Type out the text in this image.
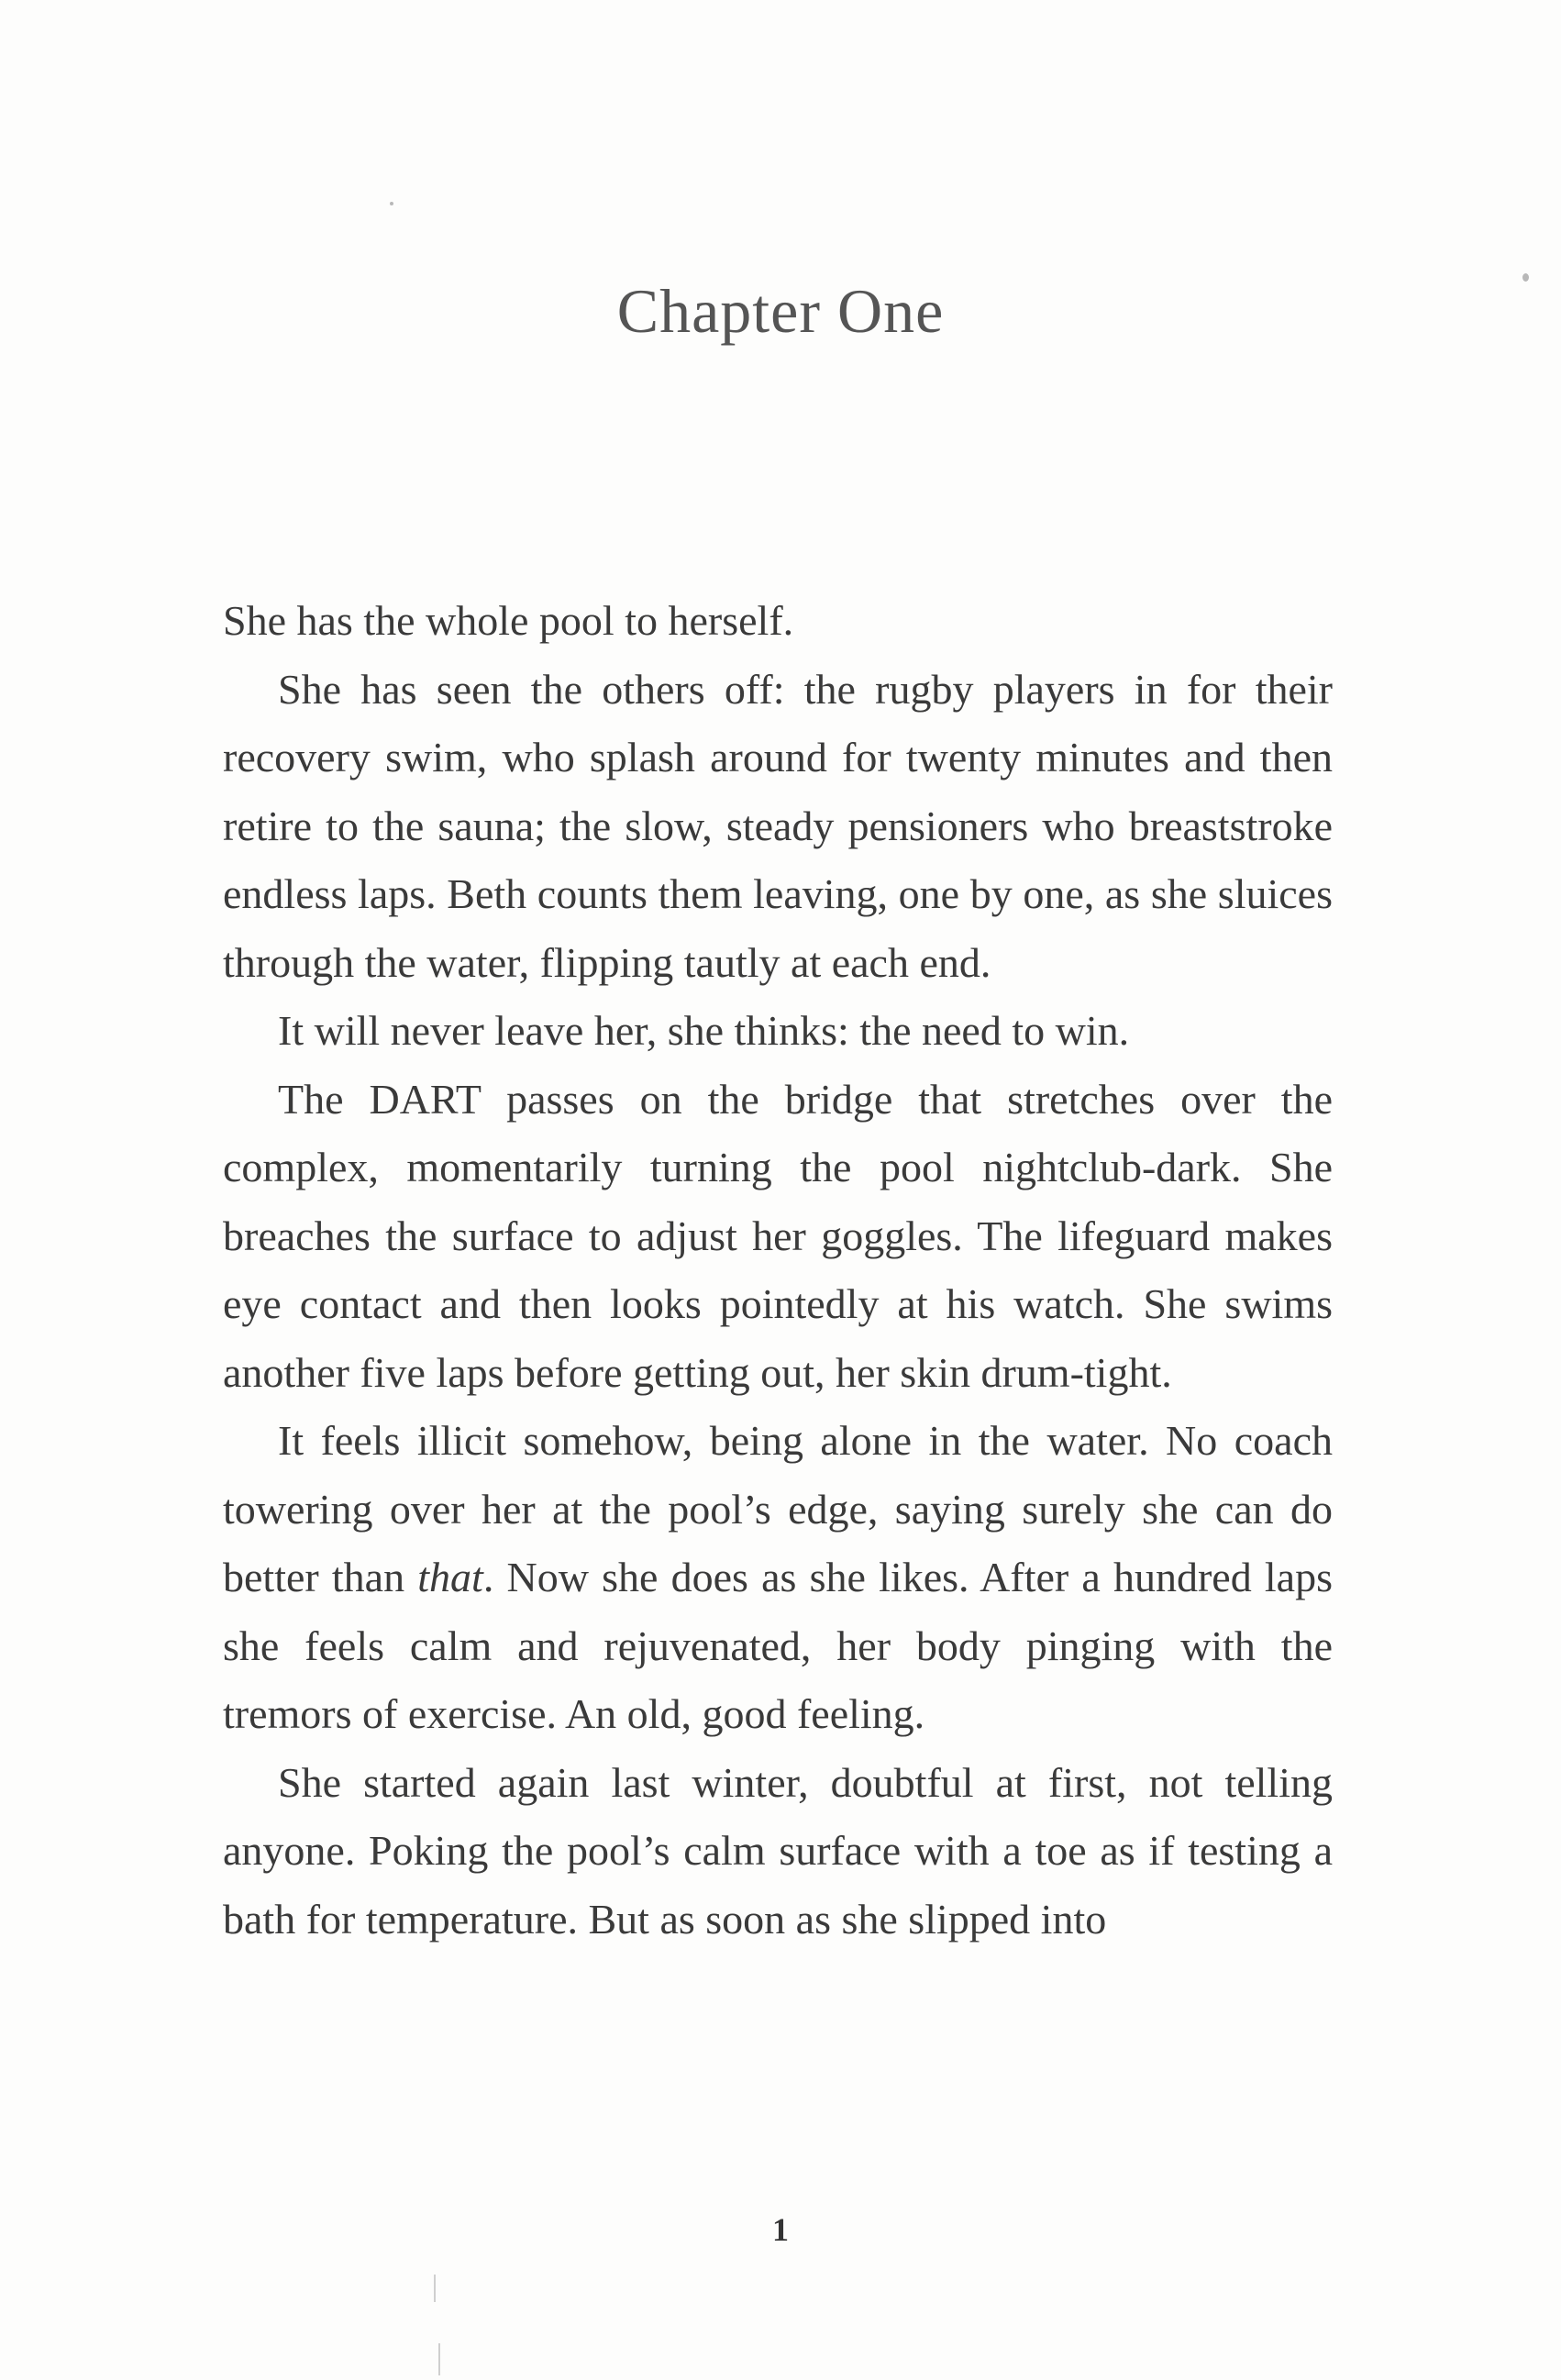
Chapter One

She has the whole pool to herself.

She has seen the others off: the rugby players in for their recovery swim, who splash around for twenty minutes and then retire to the sauna; the slow, steady pensioners who breaststroke endless laps. Beth counts them leaving, one by one, as she sluices through the water, flipping tautly at each end.

It will never leave her, she thinks: the need to win.

The DART passes on the bridge that stretches over the complex, momentarily turning the pool nightclub-dark. She breaches the surface to adjust her goggles. The lifeguard makes eye contact and then looks pointedly at his watch. She swims another five laps before getting out, her skin drum-tight.

It feels illicit somehow, being alone in the water. No coach towering over her at the pool’s edge, saying surely she can do better than that. Now she does as she likes. After a hundred laps she feels calm and rejuvenated, her body pinging with the tremors of exercise. An old, good feeling.

She started again last winter, doubtful at first, not telling anyone. Poking the pool’s calm surface with a toe as if testing a bath for temperature. But as soon as she slipped into

1
